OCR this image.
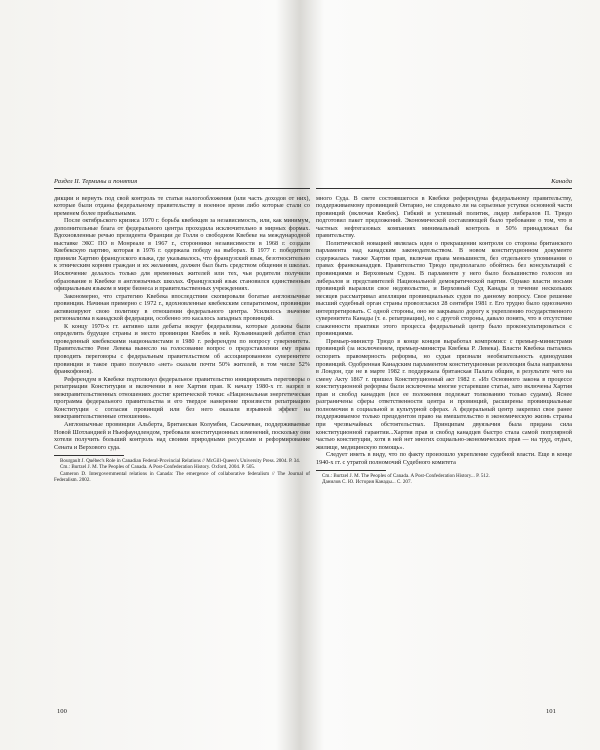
Раздел II. Термины и понятия

дикции и вернуть под свой контроль те статьи налогообложения (или часть доходов от них), которые были отданы федеральному правительству в военное время либо которые стали со временем более прибыльными.

После октябрьского кризиса 1970 г. борьба квебекцев за независимость, или, как минимум, дополнительные блага от федерального центра проходила исключительно в мирных формах. Вдохновленные речью президента Франции де Голля о свободном Квебеке на международной выставке ЭКС ПО в Монреале в 1967 г., сторонники независимости в 1968 г. создали Квебекскую партию, которая в 1976 г. одержала победу на выборах. В 1977 г. победители приняли Хартию французского языка, где указывалось, что французский язык, безотносительно к этническим корням граждан и их желаниям, должен был быть средством общения в школах. Исключение делалось только для временных жителей или тех, чьи родители получили образование в Квебеке в англоязычных школах. Французский язык становился единственным официальным языком в мире бизнеса и правительственных учреждениях.

Закономерно, что стратегию Квебека впоследствии скопировали богатые англоязычные провинции. Начиная примерно с 1972 г., вдохновленные квебекским сепаратизмом, провинции активизируют свою политику в отношении федерального центра. Усилилось значение регионализма в канадской федерации, особенно это касалось западных провинций.

К концу 1970-х гг. активно шли дебаты вокруг федерализма, которые должны были определить будущее страны и место провинции Квебек в ней. Кульминацией дебатов стал проведенный квебекскими националистами в 1980 г. референдум по вопросу суверенитета. Правительство Рене Левека вынесло на голосование вопрос о предоставлении ему права проводить переговоры с федеральным правительством об ассоциированном суверенитете провинции и такое право получило «нет» сказали почти 50% жителей, в том числе 52% франкофонов).

Референдум в Квебеке подтолкнул федеральное правительство инициировать переговоры о репатриации Конституции и включении в нее Хартии прав. К началу 1980-х гг. назрел в межправительственных отношениях достиг критической точки: «Национальная энергетическая программа федерального правительства и его твердое намерение произвести репатриацию Конституции с согласия провинций или без него оказали взрывной эффект на межправительственные отношения».

Англоязычные провинции Альберта, Британская Колумбия, Саскачеван, поддерживаемые Новой Шотландией и Ньюфаундлендом, требовали конституционных изменений, поскольку они хотели получить больший контроль над своими природными ресурсами и реформирование Сената и Верхового суда.

Bourgault J. Québec's Role in Canadian Federal-Provincial Relations // McGill-Queen's University Press. 2004. P. 34.

Cm.: Burtzel J. M. The Peoples of Canada. A Post-Confederation History. Oxford, 2004. P. 505.

Cameron D. Intergovernmental relations in Canada: The emergence of collaborative federalism // The Journal of Federalism. 2002.

100
Канада

много Суда. В свете состоявшегося в Квебеке референдума федеральному правительству, поддерживаемому провинцией Онтарио, не следовало ли на серьезные уступки основной части провинций (включая Квебек). Гибкий и успешный политик, лидер либералов П. Трюдо подготовил пакет предложений. Экономической составляющей было требование о том, что в частных нефтегазовых компаниях минимальный контроль в 50% принадлежал бы правительству.

Политической новацией являлась идея о прекращении контроля со стороны британского парламента над канадским законодательством. В новом конституционном документе содержалась также Хартия прав, включая права меньшинств, без отдельного упоминания о правах франкоканадцев. Правительство Трюдо предполагало обойтись без консультаций с провинциями и Верховным Судом. В парламенте у него было большинство голосов из либералов и представителей Национальной демократической партии. Однако власти восьми провинций выразили свое недовольство, и Верховный Суд Канады в течение нескольких месяцев рассматривал апелляции провинциальных судов по данному вопросу. Свое решение высший судебный орган страны провозгласил 28 сентября 1981 г. Его трудно было однозначно интерпретировать. С одной стороны, оно не закрывало дорогу к укреплению государственного суверенитета Канады (т. е. репатриации), но с другой стороны, давало понять, что в отсутствие слаженности практики этого процесса федеральный центр было проконсультироваться с провинциями.

Премьер-министр Трюдо в конце концов выработал компромисс с премьер-министрами провинций (за исключением, премьер-министра Квебека Р. Левека). Власти Квебека пытались оспорить правомерность реформы, но судьи признали необязательность единодушия провинций. Одобренная Канадским парламентом конституционная резолюция была направлена в Лондон, где не в марте 1982 г. поддержала британская Палата общин, в результате чего на смену Акту 1867 г. пришел Конституционный акт 1982 г. «Из Основного закона в процессе конституционной реформы были исключены многие устаревшие статьи, зато включены Хартия прав и свобод канадцев (все ее положения подлежат толкованию только судами). Яснее разграничены сферы ответственности центра и провинций, расширены провинциальные полномочия в социальной и культурной сферах. А федеральный центр закрепил свое ранее поддерживаемое только прецедентом право на вмешательство в экономическую жизнь страны при чрезвычайных обстоятельствах. Принципам двуязычия была придана сила конституционной гарантии...Хартия прав и свобод канадцев быстро стала самой популярной частью конституции, хотя в ней нет многих социально-экономических прав — на труд, отдых, жилище, медицинскую помощь».

Следует иметь в виду, что по факту произошло укрепление судебной власти. Еще в конце 1940-х гг. с утратой полномочий Судебного комитета

Cm.: Burtzel J. M. The Peoples of Canada. A Post-Confederation History... P. 512.

Данилов С. Ю. История Канады... С. 207.

101
